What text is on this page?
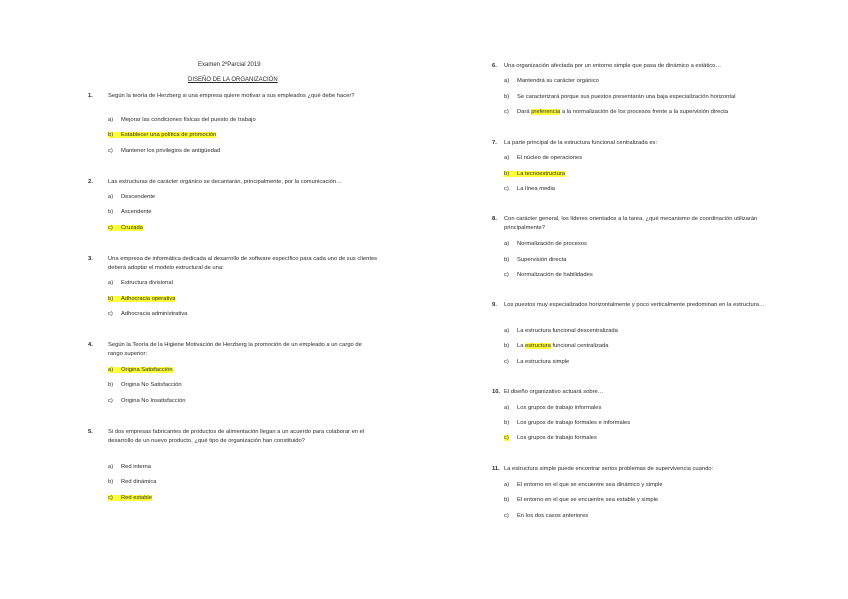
Examen 2ºParcial 2019
DISEÑO DE LA ORGANIZACIÓN
1.	Según la teoría de Herzberg si una empresa quiere motivar a sus empleados ¿qué debe hacer?
a) Mejorar las condiciones físicas del puesto de trabajo
b) Establecer una política de promoción
c) Mantener los privilegios de antigüedad
2.	Las estructuras de carácter orgánico se decantarán, principalmente, por la comunicación…
a) Descendente
b) Ascendente
c) Cruzada
3.	Una empresa de informática dedicada al desarrollo de software específico para cada uno de sus clientes deberá adoptar el modelo estructural de una:
a) Estructura divisional
b) Adhocracia operativa
c) Adhocracia administrativa
4.	Según la Teoría de la Higiene Motivación de Herzberg la promoción de un empleado a un cargo de rango superior:
a) Origina Satisfacción
b) Origina No Satisfacción
c) Origina No Insatisfacción
5.	Si dos empresas fabricantes de productos de alimentación llegan a un acuerdo para colaborar en el desarrollo de un nuevo producto, ¿qué tipo de organización han constituido?
a) Red interna
b) Red dinámica
c) Red estable
6. Una organización afectada por un entorno simple que pasa de dinámico a estático…
a) Mantendrá su carácter orgánico
b) Se caracterizará porque sus puestos presentarán una baja especialización horizontal
c) Dará preferencia a la normalización de los procesos frente a la supervisión directa
7. La parte principal de la estructura funcional centralizada es:
a) El núcleo de operaciones
b) La tecnoestructura
c) La línea media
8. Con carácter general, los líderes orientados a la tarea, ¿qué mecanismo de coordinación utilizarán principalmente?
a) Normalización de procesos
b) Supervisión directa
c) Normalización de habilidades
9. Los puestos muy especializados horizontalmente y poco verticalmente predominan en la estructura…
a) La estructura funcional descentralizada
b) La estructura funcional centralizada
c) La estructura simple
10. El diseño organizativo actuará sobre…
a) Los grupos de trabajo informales
b) Los grupos de trabajo formales e informales
c) Los grupos de trabajo formales
11. La estructura simple puede encontrar serios problemas de supervivencia cuando:
a) El entorno en el que se encuentre sea dinámico y simple
b) El entorno en el que se encuentre sea estable y simple
c) En los dos casos anteriores
